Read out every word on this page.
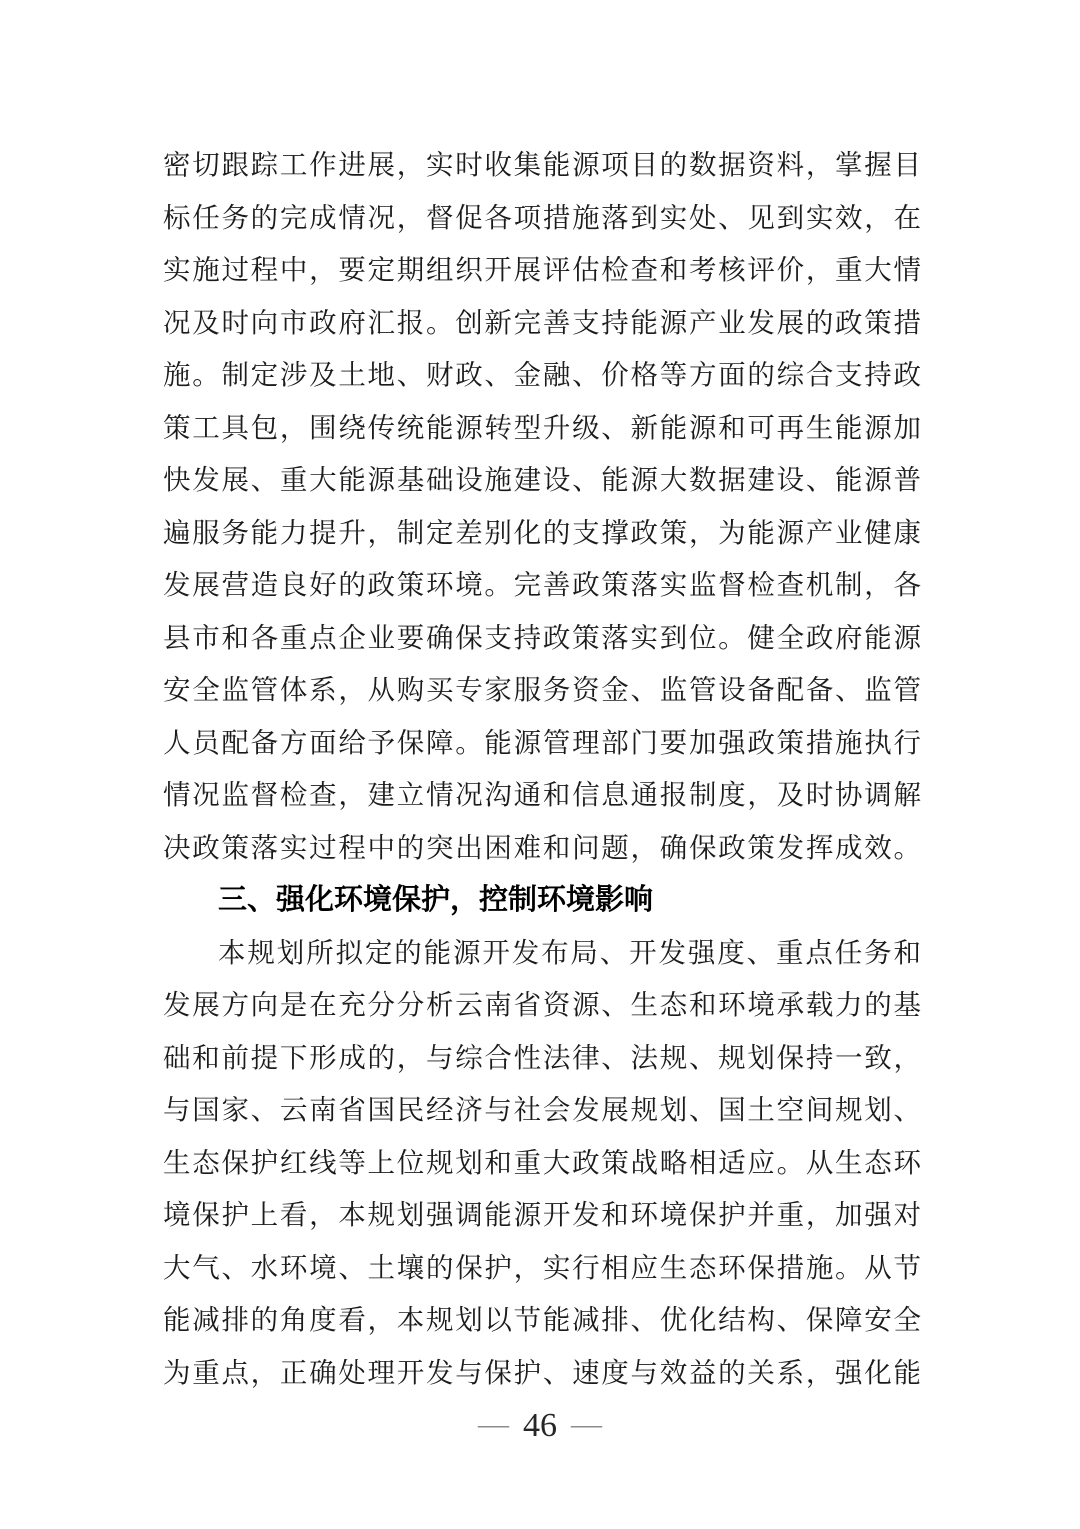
密切跟踪工作进展，实时收集能源项目的数据资料，掌握目
标任务的完成情况，督促各项措施落到实处、见到实效，在
实施过程中，要定期组织开展评估检查和考核评价，重大情
况及时向市政府汇报。创新完善支持能源产业发展的政策措
施。制定涉及土地、财政、金融、价格等方面的综合支持政
策工具包，围绕传统能源转型升级、新能源和可再生能源加
快发展、重大能源基础设施建设、能源大数据建设、能源普
遍服务能力提升，制定差别化的支撑政策，为能源产业健康
发展营造良好的政策环境。完善政策落实监督检查机制，各
县市和各重点企业要确保支持政策落实到位。健全政府能源
安全监管体系，从购买专家服务资金、监管设备配备、监管
人员配备方面给予保障。能源管理部门要加强政策措施执行
情况监督检查，建立情况沟通和信息通报制度，及时协调解
决政策落实过程中的突出困难和问题，确保政策发挥成效。
三、强化环境保护，控制环境影响
本规划所拟定的能源开发布局、开发强度、重点任务和
发展方向是在充分分析云南省资源、生态和环境承载力的基
础和前提下形成的，与综合性法律、法规、规划保持一致，
与国家、云南省国民经济与社会发展规划、国土空间规划、
生态保护红线等上位规划和重大政策战略相适应。从生态环
境保护上看，本规划强调能源开发和环境保护并重，加强对
大气、水环境、土壤的保护，实行相应生态环保措施。从节
能减排的角度看，本规划以节能减排、优化结构、保障安全
为重点，正确处理开发与保护、速度与效益的关系，强化能
— 46 —
